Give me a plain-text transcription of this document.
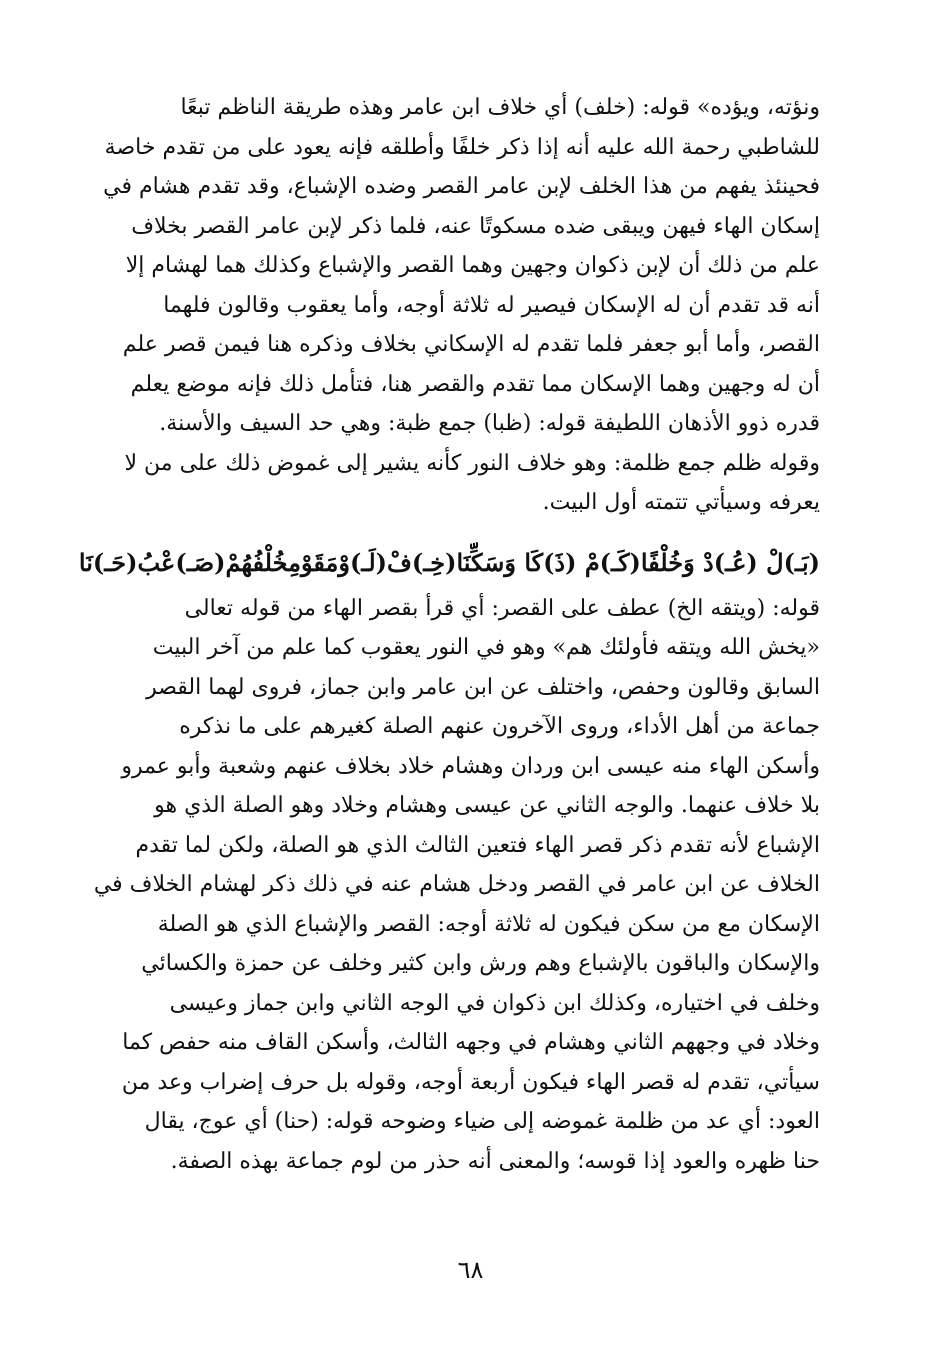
ونؤته، ويؤده» قوله: (خلف) أي خلاف ابن عامر وهذه طريقة الناظم تبعًا
للشاطبي رحمة الله عليه أنه إذا ذكر خلفًا وأطلقه فإنه يعود على من تقدم خاصة
فحينئذ يفهم من هذا الخلف لإبن عامر القصر وضده الإشباع، وقد تقدم هشام في
إسكان الهاء فيهن ويبقى ضده مسكوتًا عنه، فلما ذكر لإبن عامر القصر بخلاف
علم من ذلك أن لإبن ذكوان وجهين وهما القصر والإشباع وكذلك هما لهشام إلا
أنه قد تقدم أن له الإسكان فيصير له ثلاثة أوجه، وأما يعقوب وقالون فلهما
القصر، وأما أبو جعفر فلما تقدم له الإسكاني بخلاف وذكره هنا فيمن قصر علم
أن له وجهين وهما الإسكان مما تقدم والقصر هنا، فتأمل ذلك فإنه موضع يعلم
قدره ذوو الأذهان اللطيفة قوله: (ظبا) جمع ظبة: وهي حد السيف والأسنة.
وقوله ظلم جمع ظلمة: وهو خلاف النور كأنه يشير إلى غموض ذلك على من لا
يعرفه وسيأتي تتمته أول البيت.

(بَـ)لْ (عُـ)دْ وَخُلْفًا(كَـ)مْ (ذَ)كَا وَسَكِّنَا
(خِـ)فْ(لَـ)وْمَقَوْمِخُلْفُهُمْ(صَـ)عْبُ(حَـ)نَا

قوله: (ويتقه الخ) عطف على القصر: أي قرأ بقصر الهاء من قوله تعالى
«يخش الله ويتقه فأولئك هم» وهو في النور يعقوب كما علم من آخر البيت
السابق وقالون وحفص، واختلف عن ابن عامر وابن جماز، فروى لهما القصر
جماعة من أهل الأداء، وروى الآخرون عنهم الصلة كغيرهم على ما نذكره
وأسكن الهاء منه عيسى ابن وردان وهشام خلاد بخلاف عنهم وشعبة وأبو عمرو
بلا خلاف عنهما. والوجه الثاني عن عيسى وهشام وخلاد وهو الصلة الذي هو
الإشباع لأنه تقدم ذكر قصر الهاء فتعين الثالث الذي هو الصلة، ولكن لما تقدم
الخلاف عن ابن عامر في القصر ودخل هشام عنه في ذلك ذكر لهشام الخلاف في
الإسكان مع من سكن فيكون له ثلاثة أوجه: القصر والإشباع الذي هو الصلة
والإسكان والباقون بالإشباع وهم ورش وابن كثير وخلف عن حمزة والكسائي
وخلف في اختياره، وكذلك ابن ذكوان في الوجه الثاني وابن جماز وعيسى
وخلاد في وجههم الثاني وهشام في وجهه الثالث، وأسكن القاف منه حفص كما
سيأتي، تقدم له قصر الهاء فيكون أربعة أوجه، وقوله بل حرف إضراب وعد من
العود: أي عد من ظلمة غموضه إلى ضياء وضوحه قوله: (حنا) أي عوج، يقال
حنا ظهره والعود إذا قوسه؛ والمعنى أنه حذر من لوم جماعة بهذه الصفة.

٦٨
